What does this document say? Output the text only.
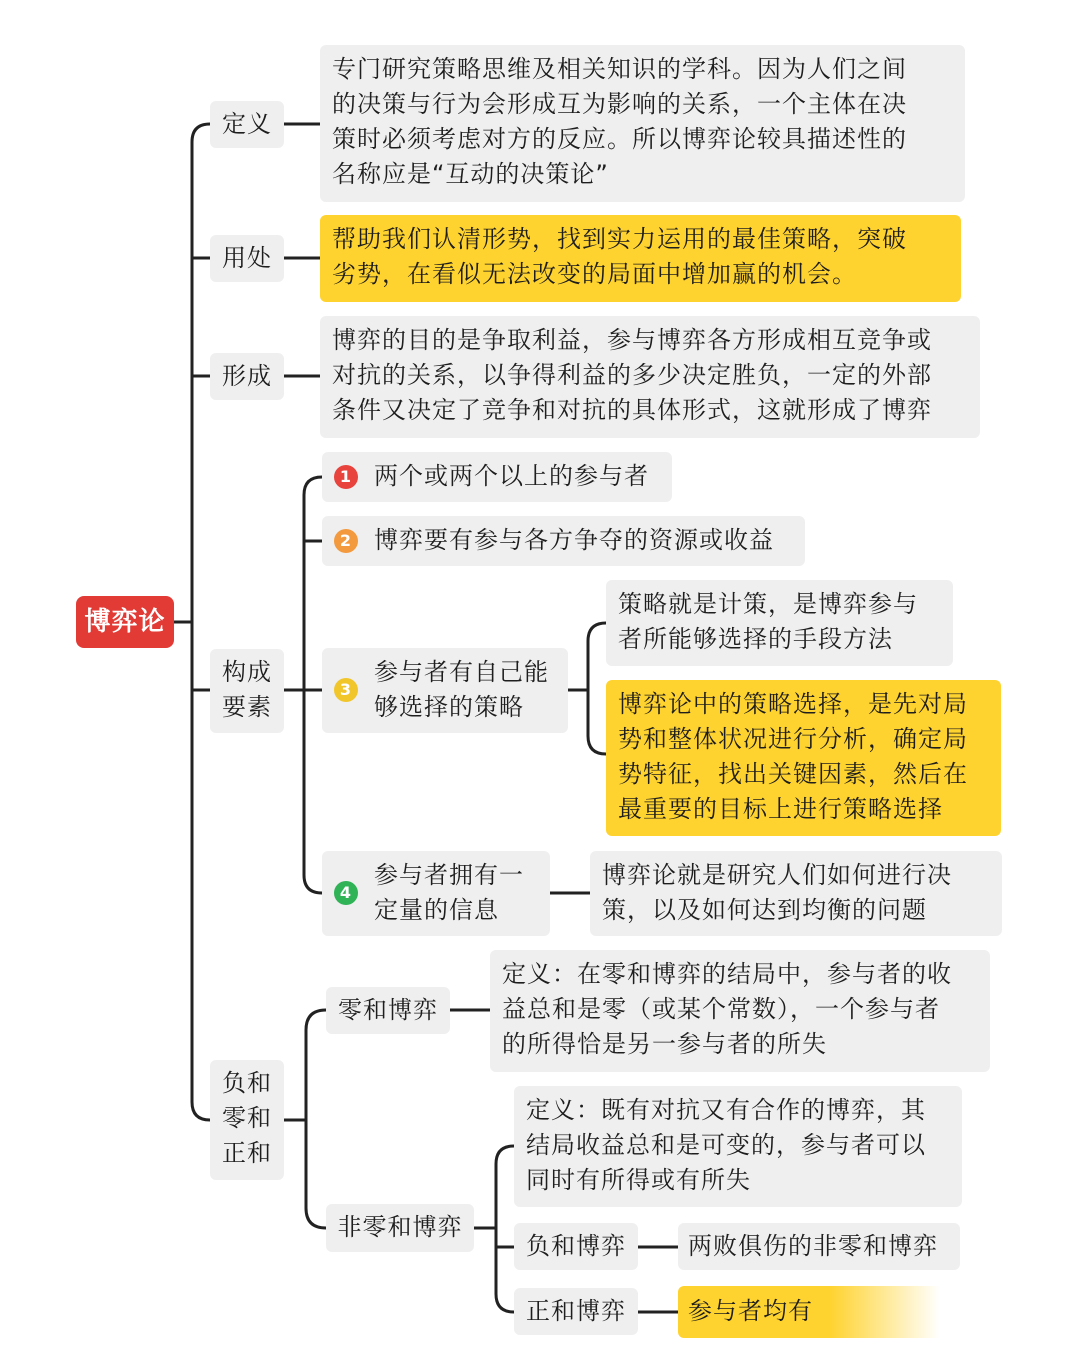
博弈论
定义
专门研究策略思维及相关知识的学科。因为人们之间
的决策与行为会形成互为影响的关系，一个主体在决
策时必须考虑对方的反应。所以博弈论较具描述性的
名称应是“互动的决策论”
用处
帮助我们认清形势，找到实力运用的最佳策略，突破
劣势，在看似无法改变的局面中增加赢的机会。
形成
博弈的目的是争取利益，参与博弈各方形成相互竞争或
对抗的关系，以争得利益的多少决定胜负，一定的外部
条件又决定了竞争和对抗的具体形式，这就形成了博弈
构成
要素

1 两个或两个以上的参与者

2 博弈要有参与各方争夺的资源或收益

3

参与者有自己能
够选择的策略

策略就是计策，是博弈参与
者所能够选择的手段方法
博弈论中的策略选择，是先对局
势和整体状况进行分析，确定局
势特征，找出关键因素，然后在
最重要的目标上进行策略选择

4

参与者拥有一
定量的信息

博弈论就是研究人们如何进行决
策，以及如何达到均衡的问题
负和
零和
正和
零和博弈
定义：在零和博弈的结局中，参与者的收
益总和是零（或某个常数），一个参与者
的所得恰是另一参与者的所失
非零和博弈
定义：既有对抗又有合作的博弈，其
结局收益总和是可变的，参与者可以
同时有所得或有所失
负和博弈	两败俱伤的非零和博弈
正和博弈	参与者均有
